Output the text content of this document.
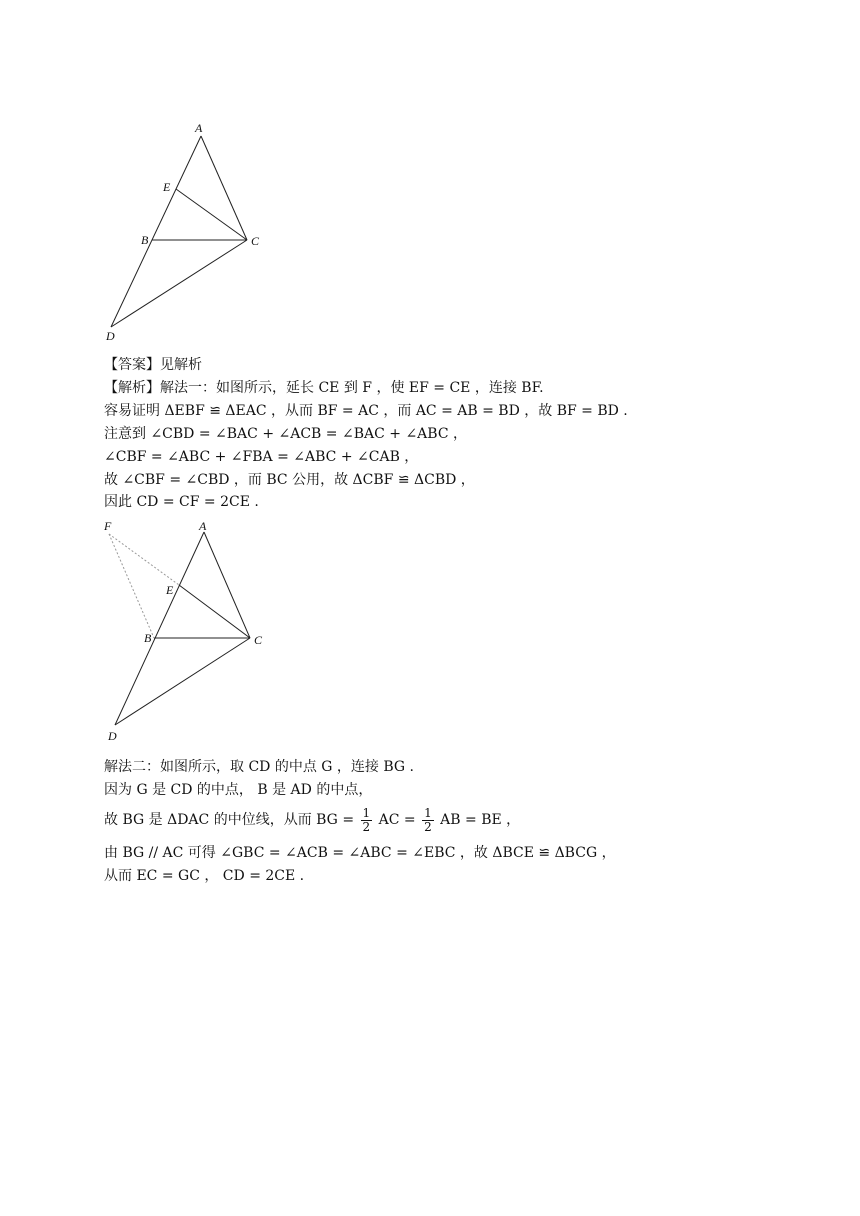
A
E
B	C
D
【答案】见解析
【解析】解法一：如图所示，延长 CE 到 F ，使 EF = CE ，连接 BF.
容易证明 ΔEBF ≌ ΔEAC ，从而 BF = AC ，而 AC = AB = BD ，故 BF = BD .
注意到 ∠CBD = ∠BAC + ∠ACB = ∠BAC + ∠ABC ，
∠CBF = ∠ABC + ∠FBA = ∠ABC + ∠CAB ，
故 ∠CBF = ∠CBD ，而 BC 公用，故 ΔCBF ≌ ΔCBD ，
因此 CD = CF = 2CE .
F	A
E
B	C
D
解法二：如图所示，取 CD 的中点 G ，连接 BG .
因为 G 是 CD 的中点， B 是 AD 的中点，
故 BG 是 ΔDAC 的中位线，从而 BG = $\frac{1}{2}$ AC = $\frac{1}{2}$ AB = BE ，
由 BG // AC 可得 ∠GBC = ∠ACB = ∠ABC = ∠EBC ，故 ΔBCE ≌ ΔBCG ，
从而 EC = GC ， CD = 2CE .
